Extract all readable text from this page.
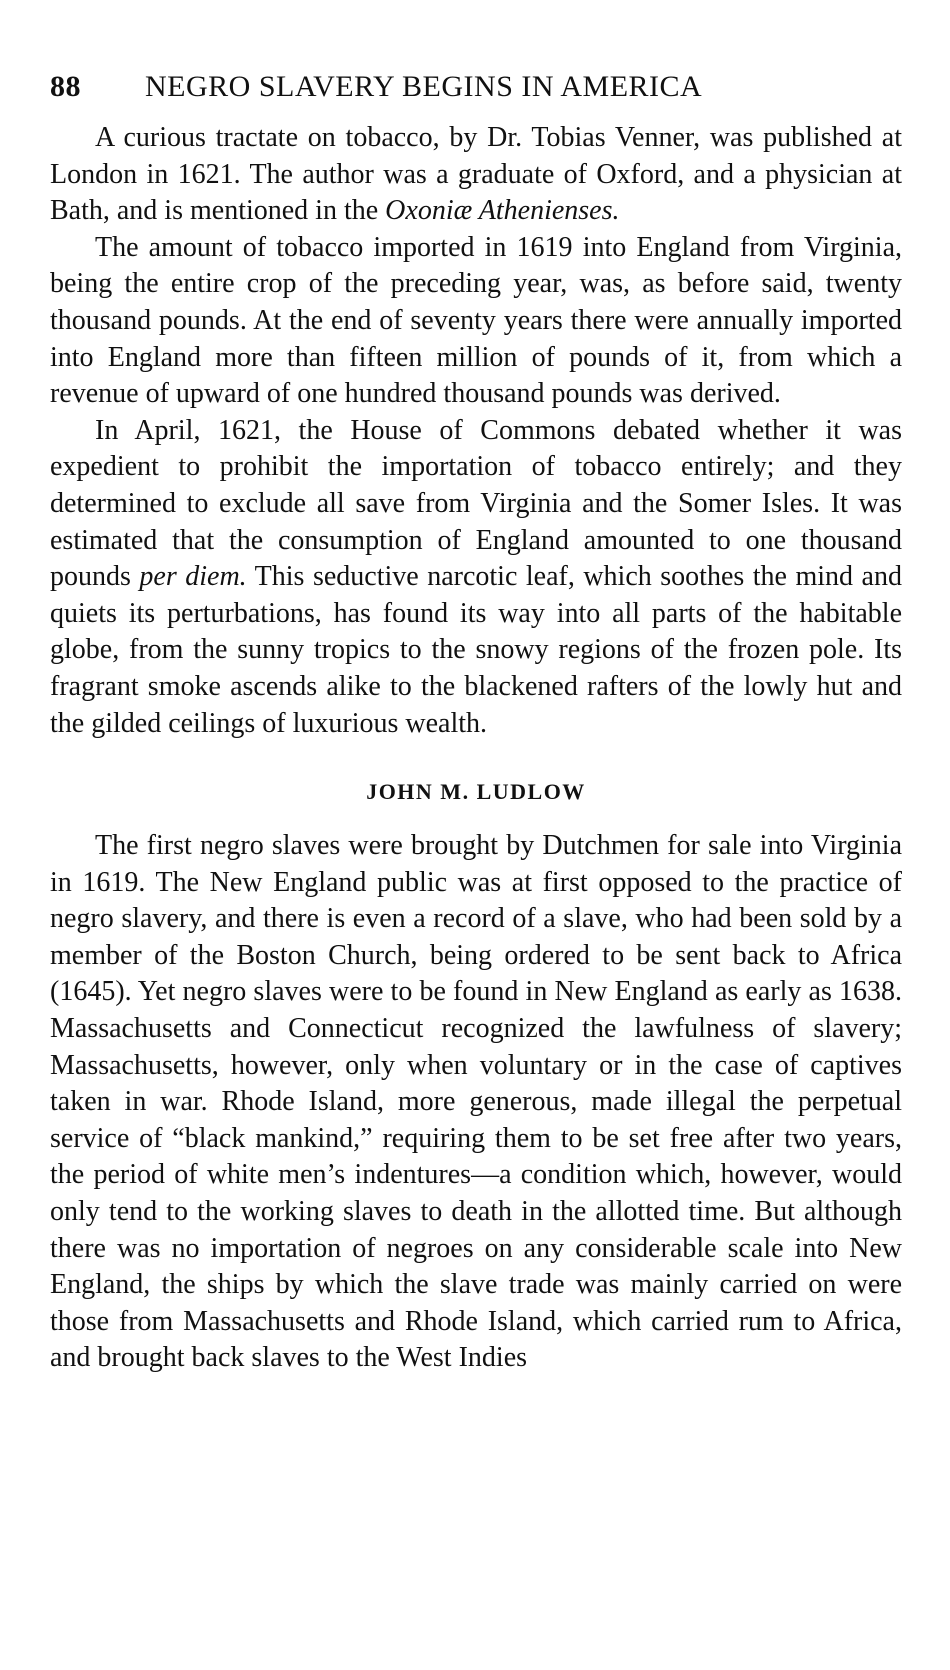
88	NEGRO SLAVERY BEGINS IN AMERICA

A curious tractate on tobacco, by Dr. Tobias Venner, was published at London in 1621. The author was a graduate of Oxford, and a physician at Bath, and is mentioned in the Oxoniæ Athenienses.

The amount of tobacco imported in 1619 into England from Virginia, being the entire crop of the preceding year, was, as before said, twenty thousand pounds. At the end of seventy years there were annually imported into England more than fifteen million of pounds of it, from which a revenue of upward of one hundred thousand pounds was derived.

In April, 1621, the House of Commons debated whether it was expedient to prohibit the importation of tobacco entirely; and they determined to exclude all save from Virginia and the Somer Isles. It was estimated that the consumption of England amounted to one thousand pounds per diem. This seductive narcotic leaf, which soothes the mind and quiets its perturbations, has found its way into all parts of the habitable globe, from the sunny tropics to the snowy regions of the frozen pole. Its fragrant smoke ascends alike to the blackened rafters of the lowly hut and the gilded ceilings of luxurious wealth.

JOHN M. LUDLOW

The first negro slaves were brought by Dutchmen for sale into Virginia in 1619. The New England public was at first opposed to the practice of negro slavery, and there is even a record of a slave, who had been sold by a member of the Boston Church, being ordered to be sent back to Africa (1645). Yet negro slaves were to be found in New England as early as 1638. Massachusetts and Connecticut recognized the lawfulness of slavery; Massachusetts, however, only when voluntary or in the case of captives taken in war. Rhode Island, more generous, made illegal the perpetual service of “black mankind,” requiring them to be set free after two years, the period of white men’s indentures—a condition which, however, would only tend to the working slaves to death in the allotted time. But although there was no importation of negroes on any considerable scale into New England, the ships by which the slave trade was mainly carried on were those from Massachusetts and Rhode Island, which carried rum to Africa, and brought back slaves to the West Indies
